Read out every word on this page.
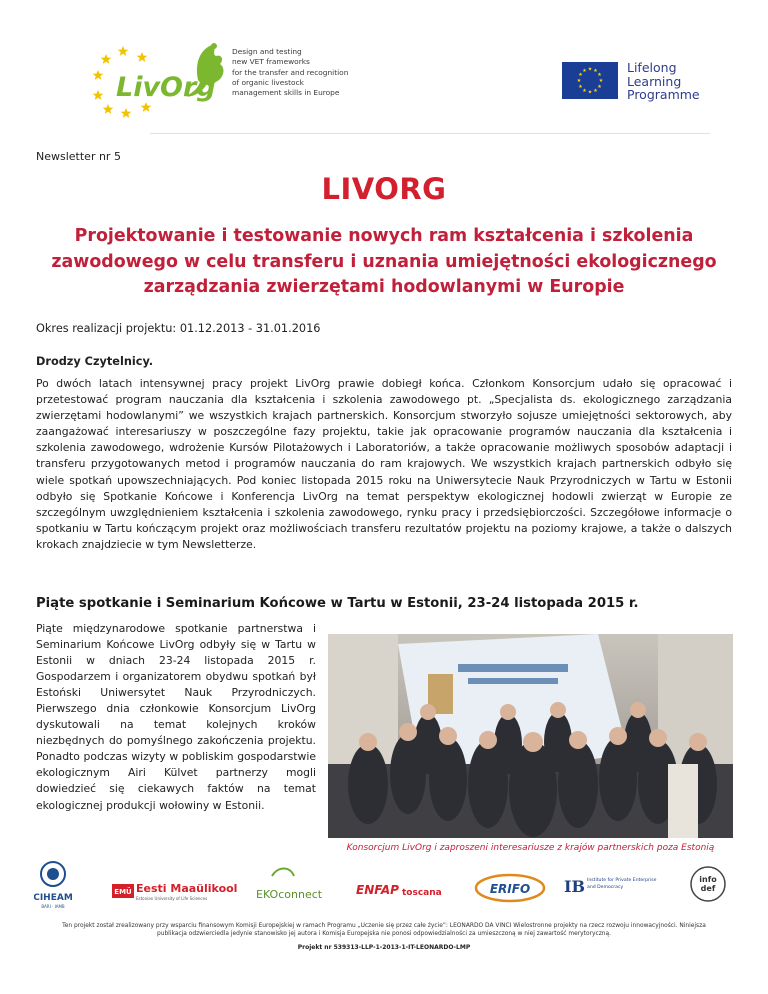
LivOrg
Design and testing
new VET frameworks
for the transfer and recognition
of organic livestock
management skills in Europe
★ ★
★
★
★
★
★
★
★
★
★
★	Lifelong
Learning
Programme
Newsletter nr 5
LIVORG
Projektowanie i testowanie nowych ram kształcenia i szkolenia zawodowego w celu transferu i uznania umiejętności ekologicznego zarządzania zwierzętami hodowlanymi w Europie
Okres realizacji projektu: 01.12.2013 - 31.01.2016
Drodzy Czytelnicy.
Po dwóch latach intensywnej pracy projekt LivOrg prawie dobiegł końca. Członkom Konsorcjum udało się opracować i przetestować program nauczania dla kształcenia i szkolenia zawodowego pt. „Specjalista ds. ekologicznego zarządzania zwierzętami hodowlanymi” we wszystkich krajach partnerskich. Konsorcjum stworzyło sojusze umiejętności sektorowych, aby zaangażować interesariuszy w poszczególne fazy projektu, takie jak opracowanie programów nauczania dla kształcenia i szkolenia zawodowego, wdrożenie Kursów Pilotażowych i Laboratoriów, a także opracowanie możliwych sposobów adaptacji i transferu przygotowanych metod i programów nauczania do ram krajowych. We wszystkich krajach partnerskich odbyło się wiele spotkań upowszechniających. Pod koniec listopada 2015 roku na Uniwersytecie Nauk Przyrodniczych w Tartu w Estonii odbyło się Spotkanie Końcowe i Konferencja LivOrg na temat perspektyw ekologicznej hodowli zwierząt w Europie ze szczególnym uwzględnieniem kształcenia i szkolenia zawodowego, rynku pracy i przedsiębiorczości. Szczegółowe informacje o spotkaniu w Tartu kończącym projekt oraz możliwościach transferu rezultatów projektu na poziomy krajowe, a także o dalszych krokach znajdziecie w tym Newsletterze.
Piąte spotkanie i Seminarium Końcowe w Tartu w Estonii, 23-24 listopada 2015 r.
Piąte międzynarodowe spotkanie partnerstwa i Seminarium Końcowe LivOrg odbyły się w Tartu w Estonii w dniach 23-24 listopada 2015 r. Gospodarzem i organizatorem obydwu spotkań był Estoński Uniwersytet Nauk Przyrodniczych. Pierwszego dnia członkowie Konsorcjum LivOrg dyskutowali na temat kolejnych kroków niezbędnych do pomyślnego zakończenia projektu. Ponadto podczas wizyty w pobliskim gospodarstwie ekologicznym Airi Külvet partnerzy mogli dowiedzieć się ciekawych faktów na temat ekologicznej produkcji wołowiny w Estonii.
Konsorcjum LivOrg i zaproszeni interesariusze z krajów partnerskich poza Estonią
CIHEAM
BARI · IAMB
EMÜ Eesti Maaülikool
Estonian University of Life Sciences	EKOconnect	ENFAP toscana	ERIFO IB Institute for Private Enterprise
and Democracy
info
def
Ten projekt został zrealizowany przy wsparciu finansowym Komisji Europejskiej w ramach Programu „Uczenie się przez całe życie”: LEONARDO DA VINCI Wielostronne projekty na rzecz rozwoju innowacyjności. Niniejsza publikacja odzwierciedla jedynie stanowisko jej autora i Komisja Europejska nie ponosi odpowiedzialności za umieszczoną w niej zawartość merytoryczną.
Projekt nr 539313-LLP-1-2013-1-IT-LEONARDO-LMP
